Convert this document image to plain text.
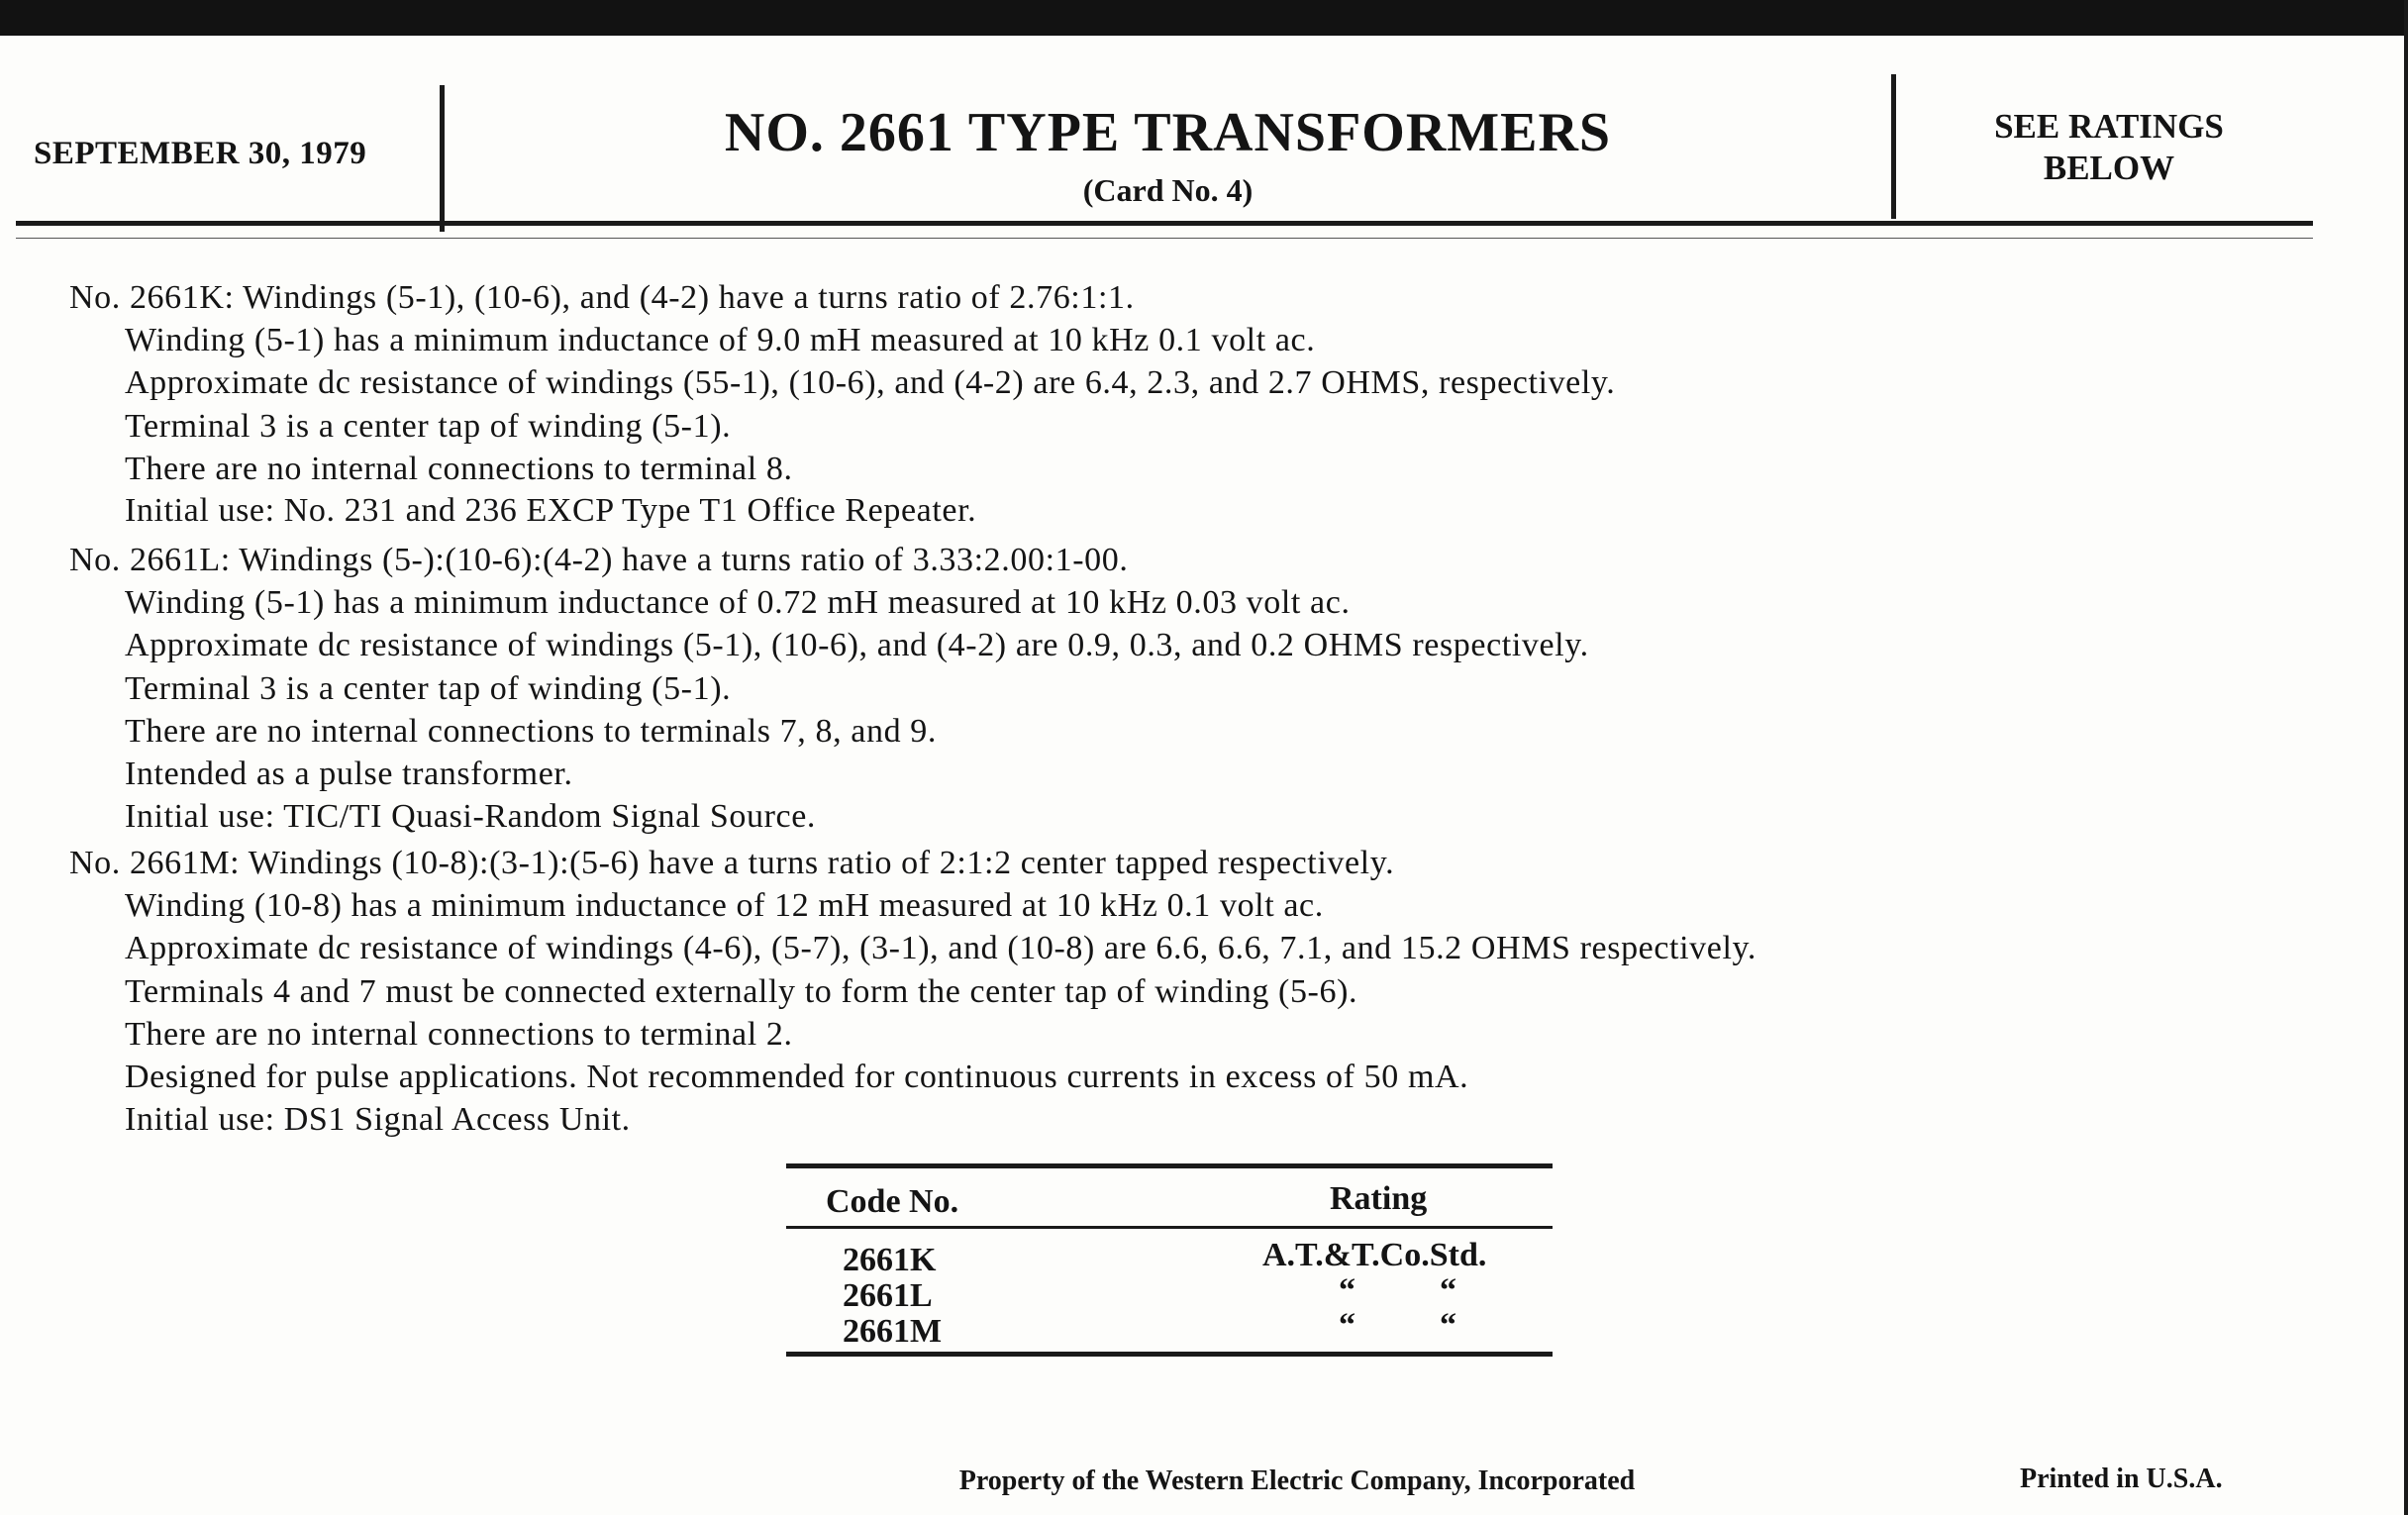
SEPTEMBER 30, 1979	NO. 2661 TYPE TRANSFORMERS
(Card No. 4)
SEE RATINGS
BELOW
No. 2661K: Windings (5-1), (10-6), and (4-2) have a turns ratio of 2.76:1:1.
Winding (5-1) has a minimum inductance of 9.0 mH measured at 10 kHz 0.1 volt ac.
Approximate dc resistance of windings (55-1), (10-6), and (4-2) are 6.4, 2.3, and 2.7 OHMS, respectively.
Terminal 3 is a center tap of winding (5-1).
There are no internal connections to terminal 8.
Initial use: No. 231 and 236 EXCP Type T1 Office Repeater.
No. 2661L: Windings (5-):(10-6):(4-2) have a turns ratio of 3.33:2.00:1-00.
Winding (5-1) has a minimum inductance of 0.72 mH measured at 10 kHz 0.03 volt ac.
Approximate dc resistance of windings (5-1), (10-6), and (4-2) are 0.9, 0.3, and 0.2 OHMS respectively.
Terminal 3 is a center tap of winding (5-1).
There are no internal connections to terminals 7, 8, and 9.
Intended as a pulse transformer.
Initial use: TIC/TI Quasi-Random Signal Source.
No. 2661M: Windings (10-8):(3-1):(5-6) have a turns ratio of 2:1:2 center tapped respectively.
Winding (10-8) has a minimum inductance of 12 mH measured at 10 kHz 0.1 volt ac.
Approximate dc resistance of windings (4-6), (5-7), (3-1), and (10-8) are 6.6, 6.6, 7.1, and 15.2 OHMS respectively.
Terminals 4 and 7 must be connected externally to form the center tap of winding (5-6).
There are no internal connections to terminal 2.
Designed for pulse applications. Not recommended for continuous currents in excess of 50 mA.
Initial use: DS1 Signal Access Unit.
Code No.	Rating
2661K	A.T.&T.Co.Std.
2661L	“          “
2661M	“          “
Property of the Western Electric Company, Incorporated	Printed in U.S.A.
